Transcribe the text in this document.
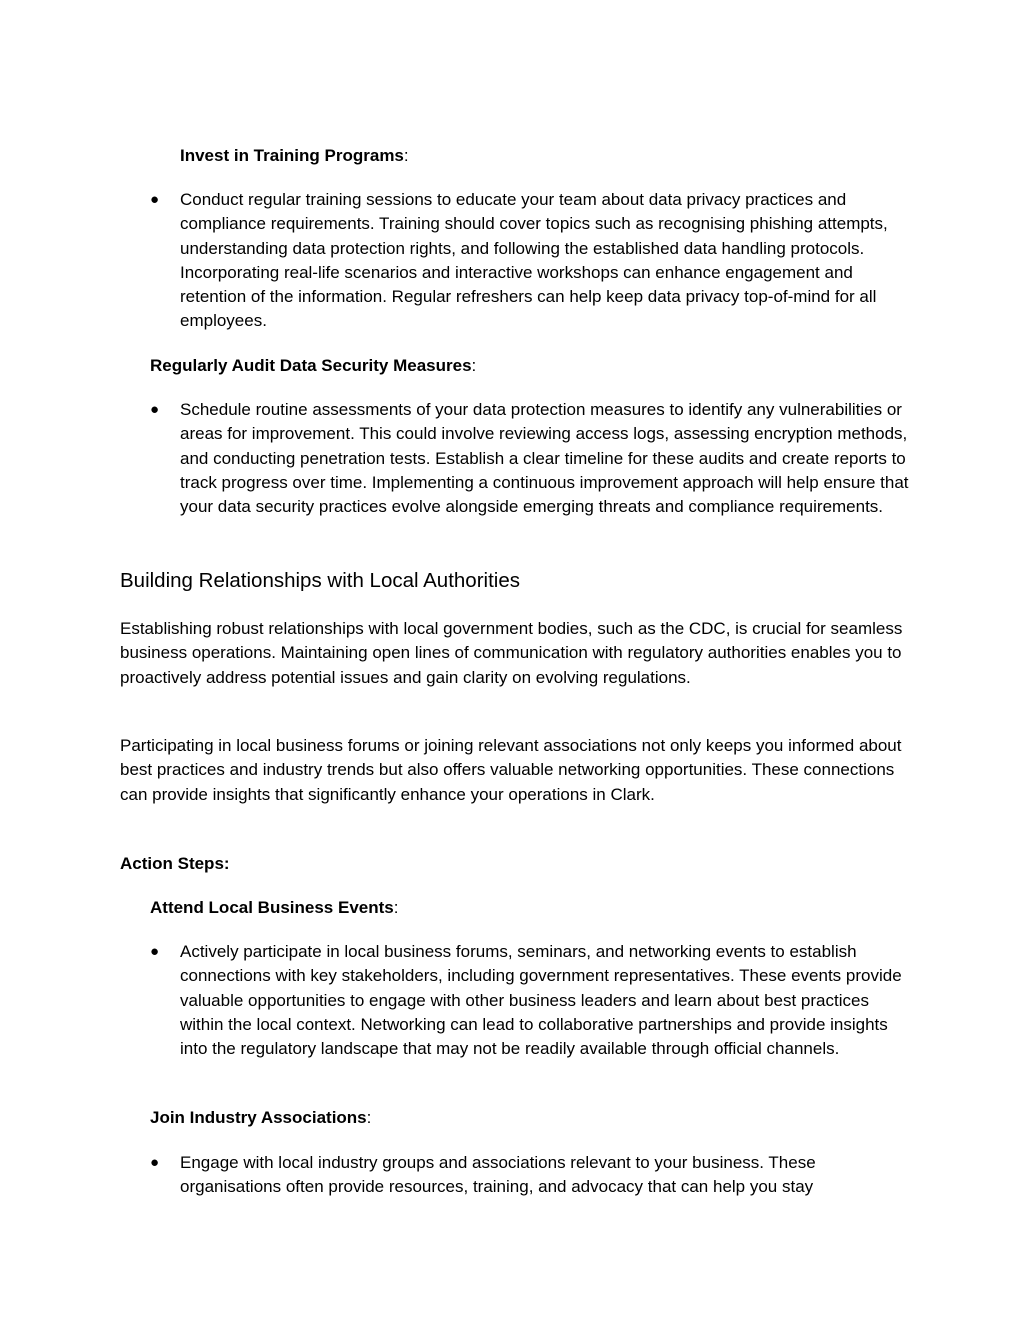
Invest in Training Programs:

●	Conduct regular training sessions to educate your team about data privacy practices and compliance requirements. Training should cover topics such as recognising phishing attempts, understanding data protection rights, and following the established data handling protocols. Incorporating real-life scenarios and interactive workshops can enhance engagement and retention of the information. Regular refreshers can help keep data privacy top-of-mind for all employees.

Regularly Audit Data Security Measures:

●	Schedule routine assessments of your data protection measures to identify any vulnerabilities or areas for improvement. This could involve reviewing access logs, assessing encryption methods, and conducting penetration tests. Establish a clear timeline for these audits and create reports to track progress over time. Implementing a continuous improvement approach will help ensure that your data security practices evolve alongside emerging threats and compliance requirements.

Building Relationships with Local Authorities

Establishing robust relationships with local government bodies, such as the CDC, is crucial for seamless business operations. Maintaining open lines of communication with regulatory authorities enables you to proactively address potential issues and gain clarity on evolving regulations.

Participating in local business forums or joining relevant associations not only keeps you informed about best practices and industry trends but also offers valuable networking opportunities. These connections can provide insights that significantly enhance your operations in Clark.

Action Steps:

Attend Local Business Events:

●	Actively participate in local business forums, seminars, and networking events to establish connections with key stakeholders, including government representatives. These events provide valuable opportunities to engage with other business leaders and learn about best practices within the local context. Networking can lead to collaborative partnerships and provide insights into the regulatory landscape that may not be readily available through official channels.

Join Industry Associations:

●	Engage with local industry groups and associations relevant to your business. These organisations often provide resources, training, and advocacy that can help you stay
